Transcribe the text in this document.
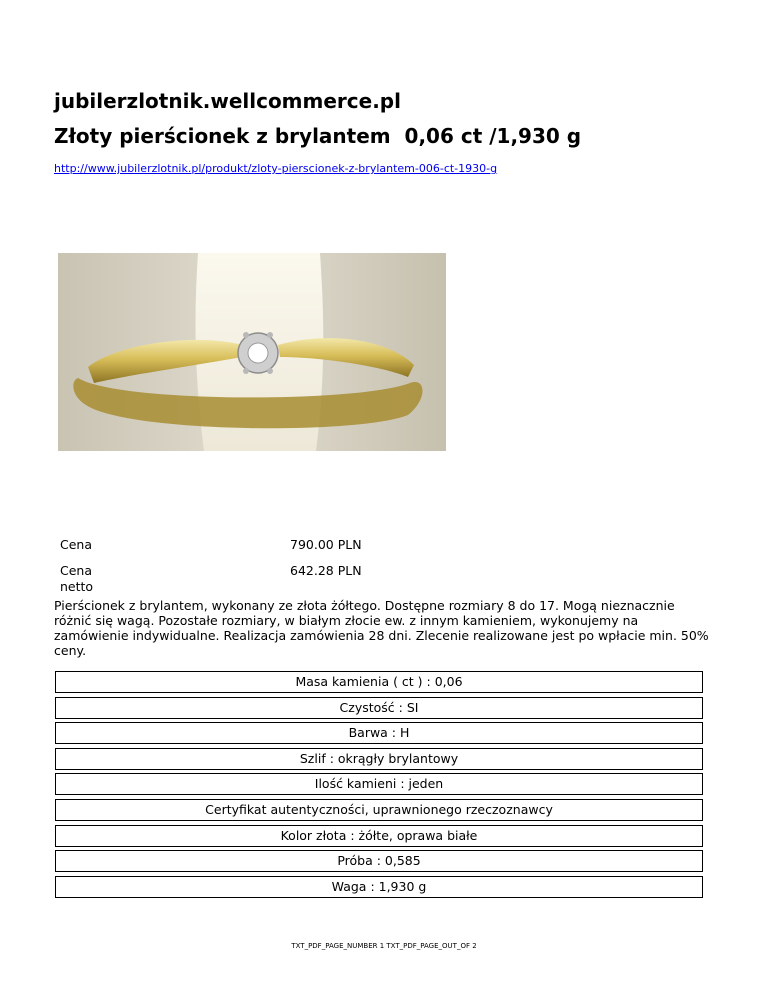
jubilerzlotnik.wellcommerce.pl
Złoty pierścionek z brylantem  0,06 ct /1,930 g
http://www.jubilerzlotnik.pl/produkt/zloty-pierscionek-z-brylantem-006-ct-1930-g
Cena	790.00 PLN
Cena netto
642.28 PLN

Pierścionek z brylantem, wykonany ze złota żółtego. Dostępne rozmiary 8 do 17. Mogą nieznacznie różnić się wagą. Pozostałe rozmiary, w białym złocie ew. z innym kamieniem, wykonujemy na zamówienie indywidualne. Realizacja zamówienia 28 dni. Zlecenie realizowane jest po wpłacie min. 50% ceny.

Masa kamienia ( ct ) : 0,06
Czystość : SI
Barwa : H
Szlif : okrągły brylantowy
Ilość kamieni : jeden
Certyfikat autentyczności, uprawnionego rzeczoznawcy
Kolor złota : żółte, oprawa białe
Próba : 0,585
Waga : 1,930 g
TXT_PDF_PAGE_NUMBER 1 TXT_PDF_PAGE_OUT_OF 2
